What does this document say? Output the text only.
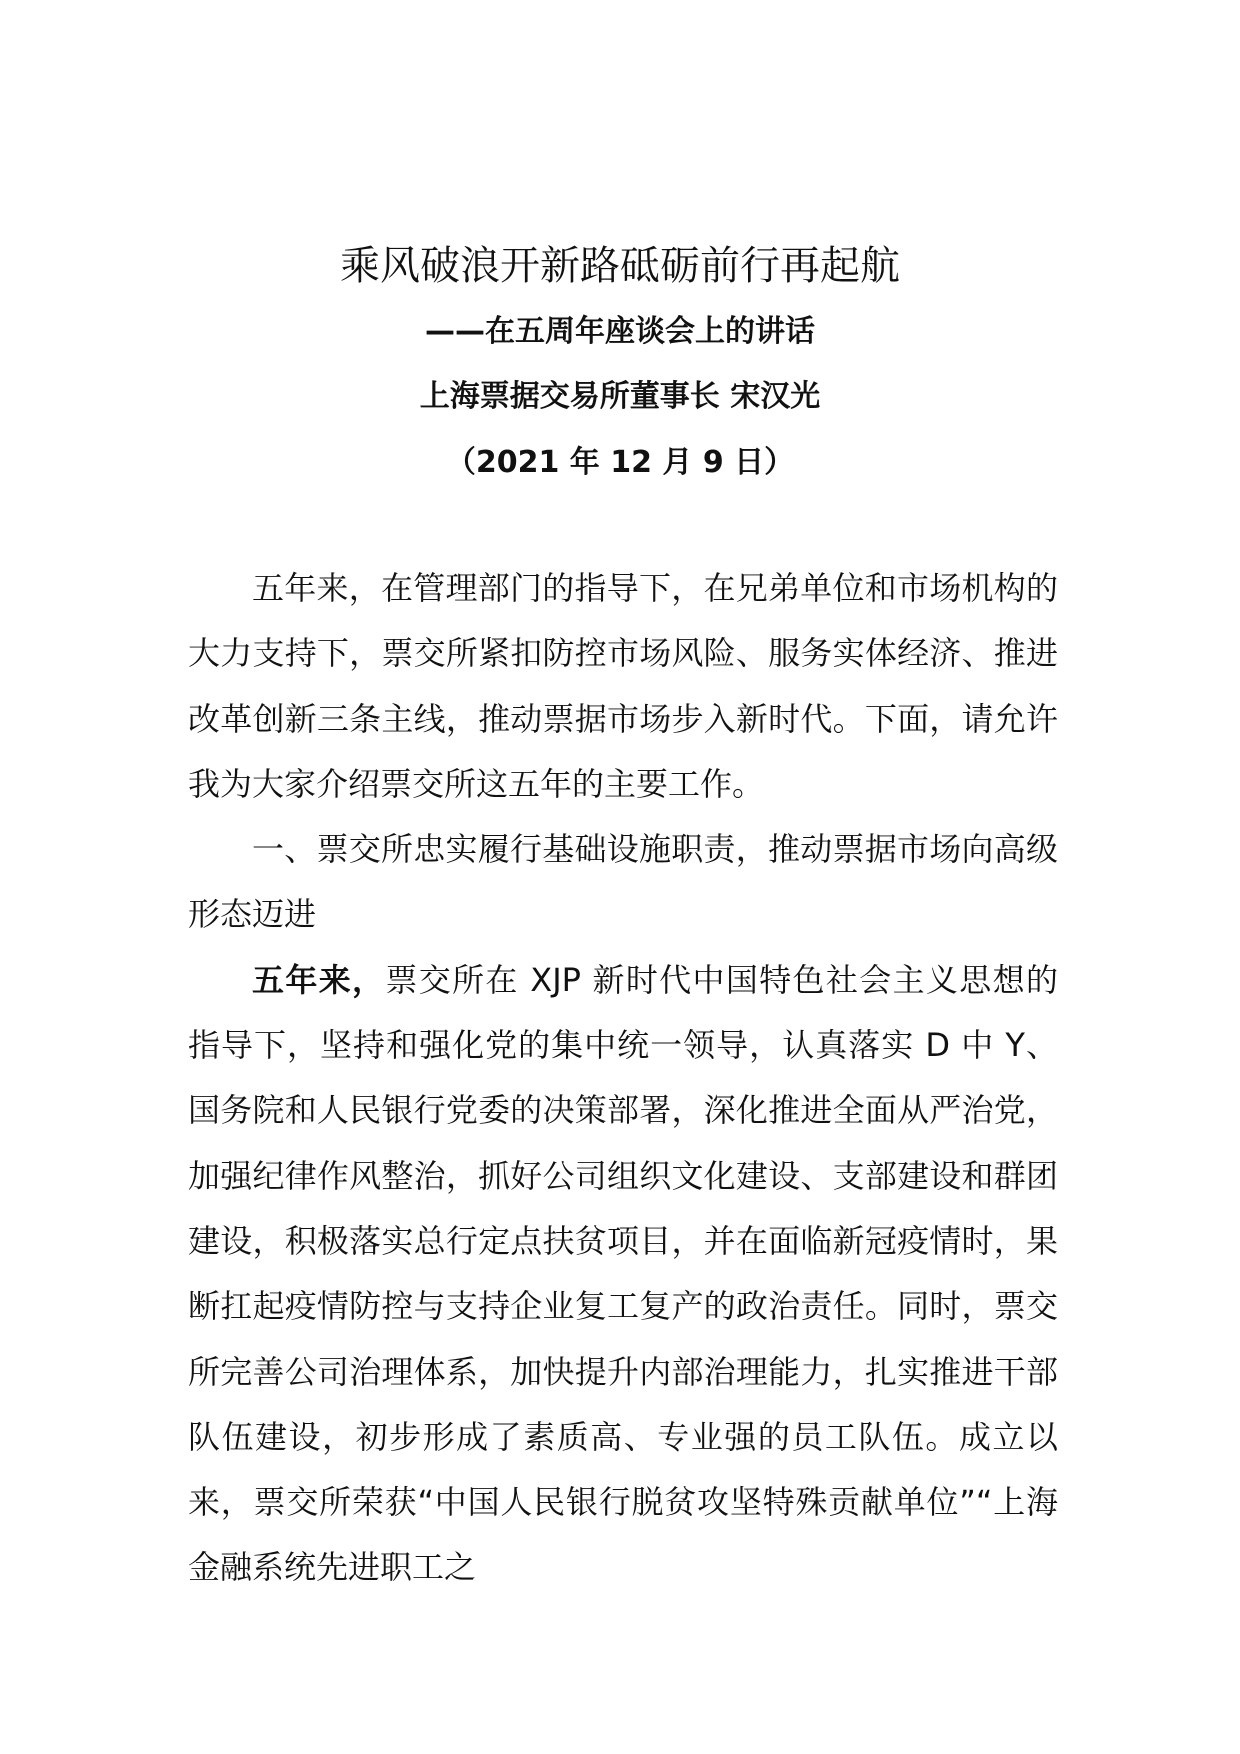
乘风破浪开新路砥砺前行再起航
——在五周年座谈会上的讲话
上海票据交易所董事长 宋汉光
（2021 年 12 月 9 日）

五年来，在管理部门的指导下，在兄弟单位和市场机构的大力支持下，票交所紧扣防控市场风险、服务实体经济、推进改革创新三条主线，推动票据市场步入新时代。下面，请允许我为大家介绍票交所这五年的主要工作。

一、票交所忠实履行基础设施职责，推动票据市场向高级形态迈进

五年来，票交所在 XJP 新时代中国特色社会主义思想的指导下，坚持和强化党的集中统一领导，认真落实 D 中 Y、国务院和人民银行党委的决策部署，深化推进全面从严治党，加强纪律作风整治，抓好公司组织文化建设、支部建设和群团建设，积极落实总行定点扶贫项目，并在面临新冠疫情时，果断扛起疫情防控与支持企业复工复产的政治责任。同时，票交所完善公司治理体系，加快提升内部治理能力，扎实推进干部队伍建设，初步形成了素质高、专业强的员工队伍。成立以来，票交所荣获“中国人民银行脱贫攻坚特殊贡献单位”“上海金融系统先进职工之
